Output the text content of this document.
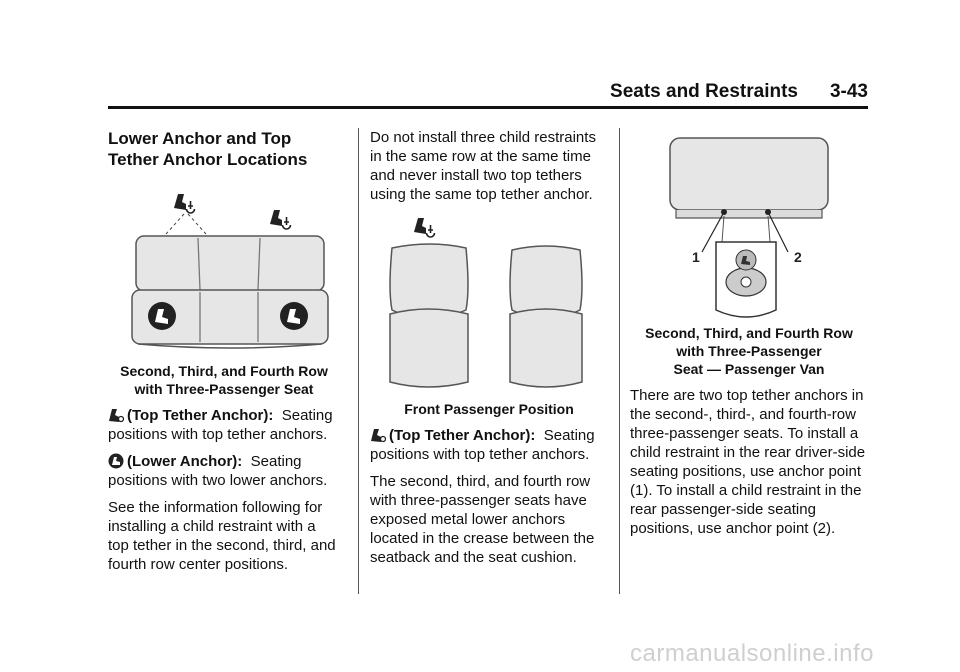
Seats and Restraints 3-43
Lower Anchor and Top Tether Anchor Locations
Second, Third, and Fourth Row with Three-Passenger Seat

(Top Tether Anchor): Seating positions with top tether anchors.

(Lower Anchor): Seating positions with two lower anchors.

See the information following for installing a child restraint with a top tether in the second, third, and fourth row center positions.

Do not install three child restraints in the same row at the same time and never install two top tethers using the same top tether anchor.

Front Passenger Position

(Top Tether Anchor): Seating positions with top tether anchors.

The second, third, and fourth row with three-passenger seats have exposed metal lower anchors located in the crease between the seatback and the seat cushion.

1	2
Second, Third, and Fourth Row
with Three-Passenger
Seat — Passenger Van

There are two top tether anchors in the second-, third-, and fourth-row three-passenger seats. To install a child restraint in the rear driver-side seating positions, use anchor point (1). To install a child restraint in the rear passenger-side seating positions, use anchor point (2).

carmanualsonline.info
